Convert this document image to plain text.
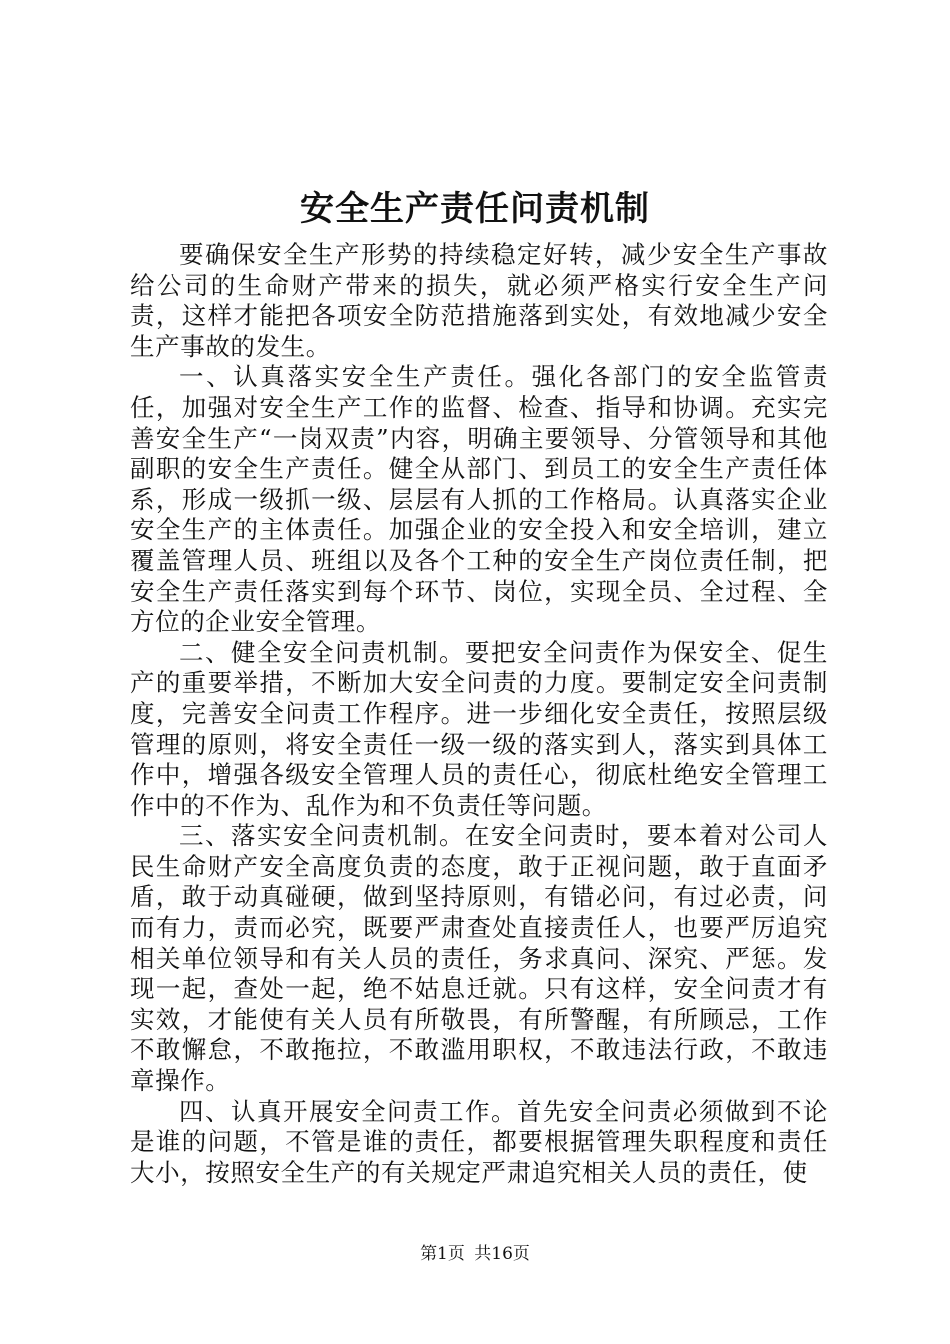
安全生产责任问责机制

要确保安全生产形势的持续稳定好转，减少安全生产事故给公司的生命财产带来的损失，就必须严格实行安全生产问责，这样才能把各项安全防范措施落到实处，有效地减少安全生产事故的发生。

一、认真落实安全生产责任。强化各部门的安全监管责任，加强对安全生产工作的监督、检查、指导和协调。充实完善安全生产“一岗双责”内容，明确主要领导、分管领导和其他副职的安全生产责任。健全从部门、到员工的安全生产责任体系，形成一级抓一级、层层有人抓的工作格局。认真落实企业安全生产的主体责任。加强企业的安全投入和安全培训，建立覆盖管理人员、班组以及各个工种的安全生产岗位责任制，把安全生产责任落实到每个环节、岗位，实现全员、全过程、全方位的企业安全管理。

二、健全安全问责机制。要把安全问责作为保安全、促生产的重要举措，不断加大安全问责的力度。要制定安全问责制度，完善安全问责工作程序。进一步细化安全责任，按照层级管理的原则，将安全责任一级一级的落实到人，落实到具体工作中，增强各级安全管理人员的责任心，彻底杜绝安全管理工作中的不作为、乱作为和不负责任等问题。

三、落实安全问责机制。在安全问责时，要本着对公司人民生命财产安全高度负责的态度，敢于正视问题，敢于直面矛盾，敢于动真碰硬，做到坚持原则，有错必问，有过必责，问而有力，责而必究，既要严肃查处直接责任人，也要严厉追究相关单位领导和有关人员的责任，务求真问、深究、严惩。发现一起，查处一起，绝不姑息迁就。只有这样，安全问责才有实效，才能使有关人员有所敬畏，有所警醒，有所顾忌，工作不敢懈怠，不敢拖拉，不敢滥用职权，不敢违法行政，不敢违章操作。

四、认真开展安全问责工作。首先安全问责必须做到不论是谁的问题，不管是谁的责任，都要根据管理失职程度和责任大小，按照安全生产的有关规定严肃追究相关人员的责任，使

第1页 共16页
